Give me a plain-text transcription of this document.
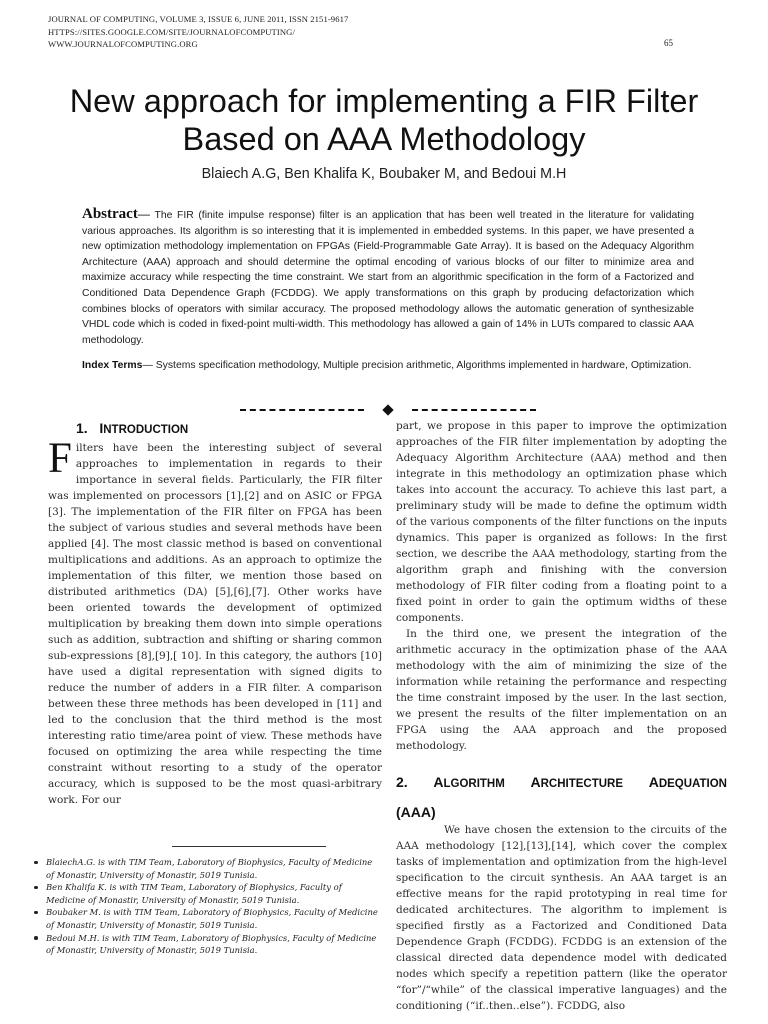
JOURNAL OF COMPUTING, VOLUME 3, ISSUE 6, JUNE 2011, ISSN 2151-9617
HTTPS://SITES.GOOGLE.COM/SITE/JOURNALOFCOMPUTING/
WWW.JOURNALOFCOMPUTING.ORG	65
New approach for implementing a FIR Filter
Based on AAA Methodology
Blaiech A.G, Ben Khalifa K, Boubaker M, and Bedoui M.H
Abstract— The FIR (finite impulse response) filter is an application that has been well treated in the literature for validating various approaches. Its algorithm is so interesting that it is implemented in embedded systems. In this paper, we have presented a new optimization methodology implementation on FPGAs (Field-Programmable Gate Array). It is based on the Adequacy Algorithm Architecture (AAA) approach and should determine the optimal encoding of various blocks of our filter to minimize area and maximize accuracy while respecting the time constraint. We start from an algorithmic specification in the form of a Factorized and Conditioned Data Dependence Graph (FCDDG). We apply transformations on this graph by producing defactorization which combines blocks of operators with similar accuracy. The proposed methodology allows the automatic generation of synthesizable VHDL code which is coded in fixed-point multi-width. This methodology has allowed a gain of 14% in LUTs compared to classic AAA methodology.
Index Terms— Systems specification methodology, Multiple precision arithmetic, Algorithms implemented in hardware, Optimization.
1. INTRODUCTION

Filters have been the interesting subject of several approaches to implementation in regards to their importance in several fields. Particularly, the FIR filter was implemented on processors [1],[2] and on ASIC or FPGA [3]. The implementation of the FIR filter on FPGA has been the subject of various studies and several methods have been applied [4]. The most classic method is based on conventional multiplications and additions. As an approach to optimize the implementation of this filter, we mention those based on distributed arithmetics (DA) [5],[6],[7]. Other works have been oriented towards the development of optimized multiplication by breaking them down into simple operations such as addition, subtraction and shifting or sharing common sub-expressions [8],[9],[ 10]. In this category, the authors [10] have used a digital representation with signed digits to reduce the number of adders in a FIR filter. A comparison between these three methods has been developed in [11] and led to the conclusion that the third method is the most interesting ratio time/area point of view. These methods have focused on optimizing the area while respecting the time constraint without resorting to a study of the operator accuracy, which is supposed to be the most quasi-arbitrary work. For our

BlaiechA.G. is with TIM Team, Laboratory of Biophysics, Faculty of Medicine of Monastir, University of Monastir, 5019 Tunisia.
Ben Khalifa K. is with TIM Team, Laboratory of Biophysics, Faculty of Medicine of Monastir, University of Monastir, 5019 Tunisia.
Boubaker M. is with TIM Team, Laboratory of Biophysics, Faculty of Medicine of Monastir, University of Monastir, 5019 Tunisia.
Bedoui M.H. is with TIM Team, Laboratory of Biophysics, Faculty of Medicine of Monastir, University of Monastir, 5019 Tunisia.

part, we propose in this paper to improve the optimization approaches of the FIR filter implementation by adopting the Adequacy Algorithm Architecture (AAA) method and then integrate in this methodology an optimization phase which takes into account the accuracy. To achieve this last part, a preliminary study will be made to define the optimum width of the various components of the filter functions on the inputs dynamics. This paper is organized as follows: In the first section, we describe the AAA methodology, starting from the algorithm graph and finishing with the conversion methodology of FIR filter coding from a floating point to a fixed point in order to gain the optimum widths of these components.

In the third one, we present the integration of the arithmetic accuracy in the optimization phase of the AAA methodology with the aim of minimizing the size of the information while retaining the performance and respecting the time constraint imposed by the user. In the last section, we present the results of the filter implementation on an FPGA using the AAA approach and the proposed methodology.

2. ALGORITHM ARCHITECTURE ADEQUATION
(AAA)

We have chosen the extension to the circuits of the AAA methodology [12],[13],[14], which cover the complex tasks of implementation and optimization from the high-level specification to the circuit synthesis. An AAA target is an effective means for the rapid prototyping in real time for dedicated architectures. The algorithm to implement is specified firstly as a Factorized and Conditioned Data Dependence Graph (FCDDG). FCDDG is an extension of the classical directed data dependence model with dedicated nodes which specify a repetition pattern (like the operator “for”/“while” of the classical imperative languages) and the conditioning (“if..then..else”). FCDDG, also
